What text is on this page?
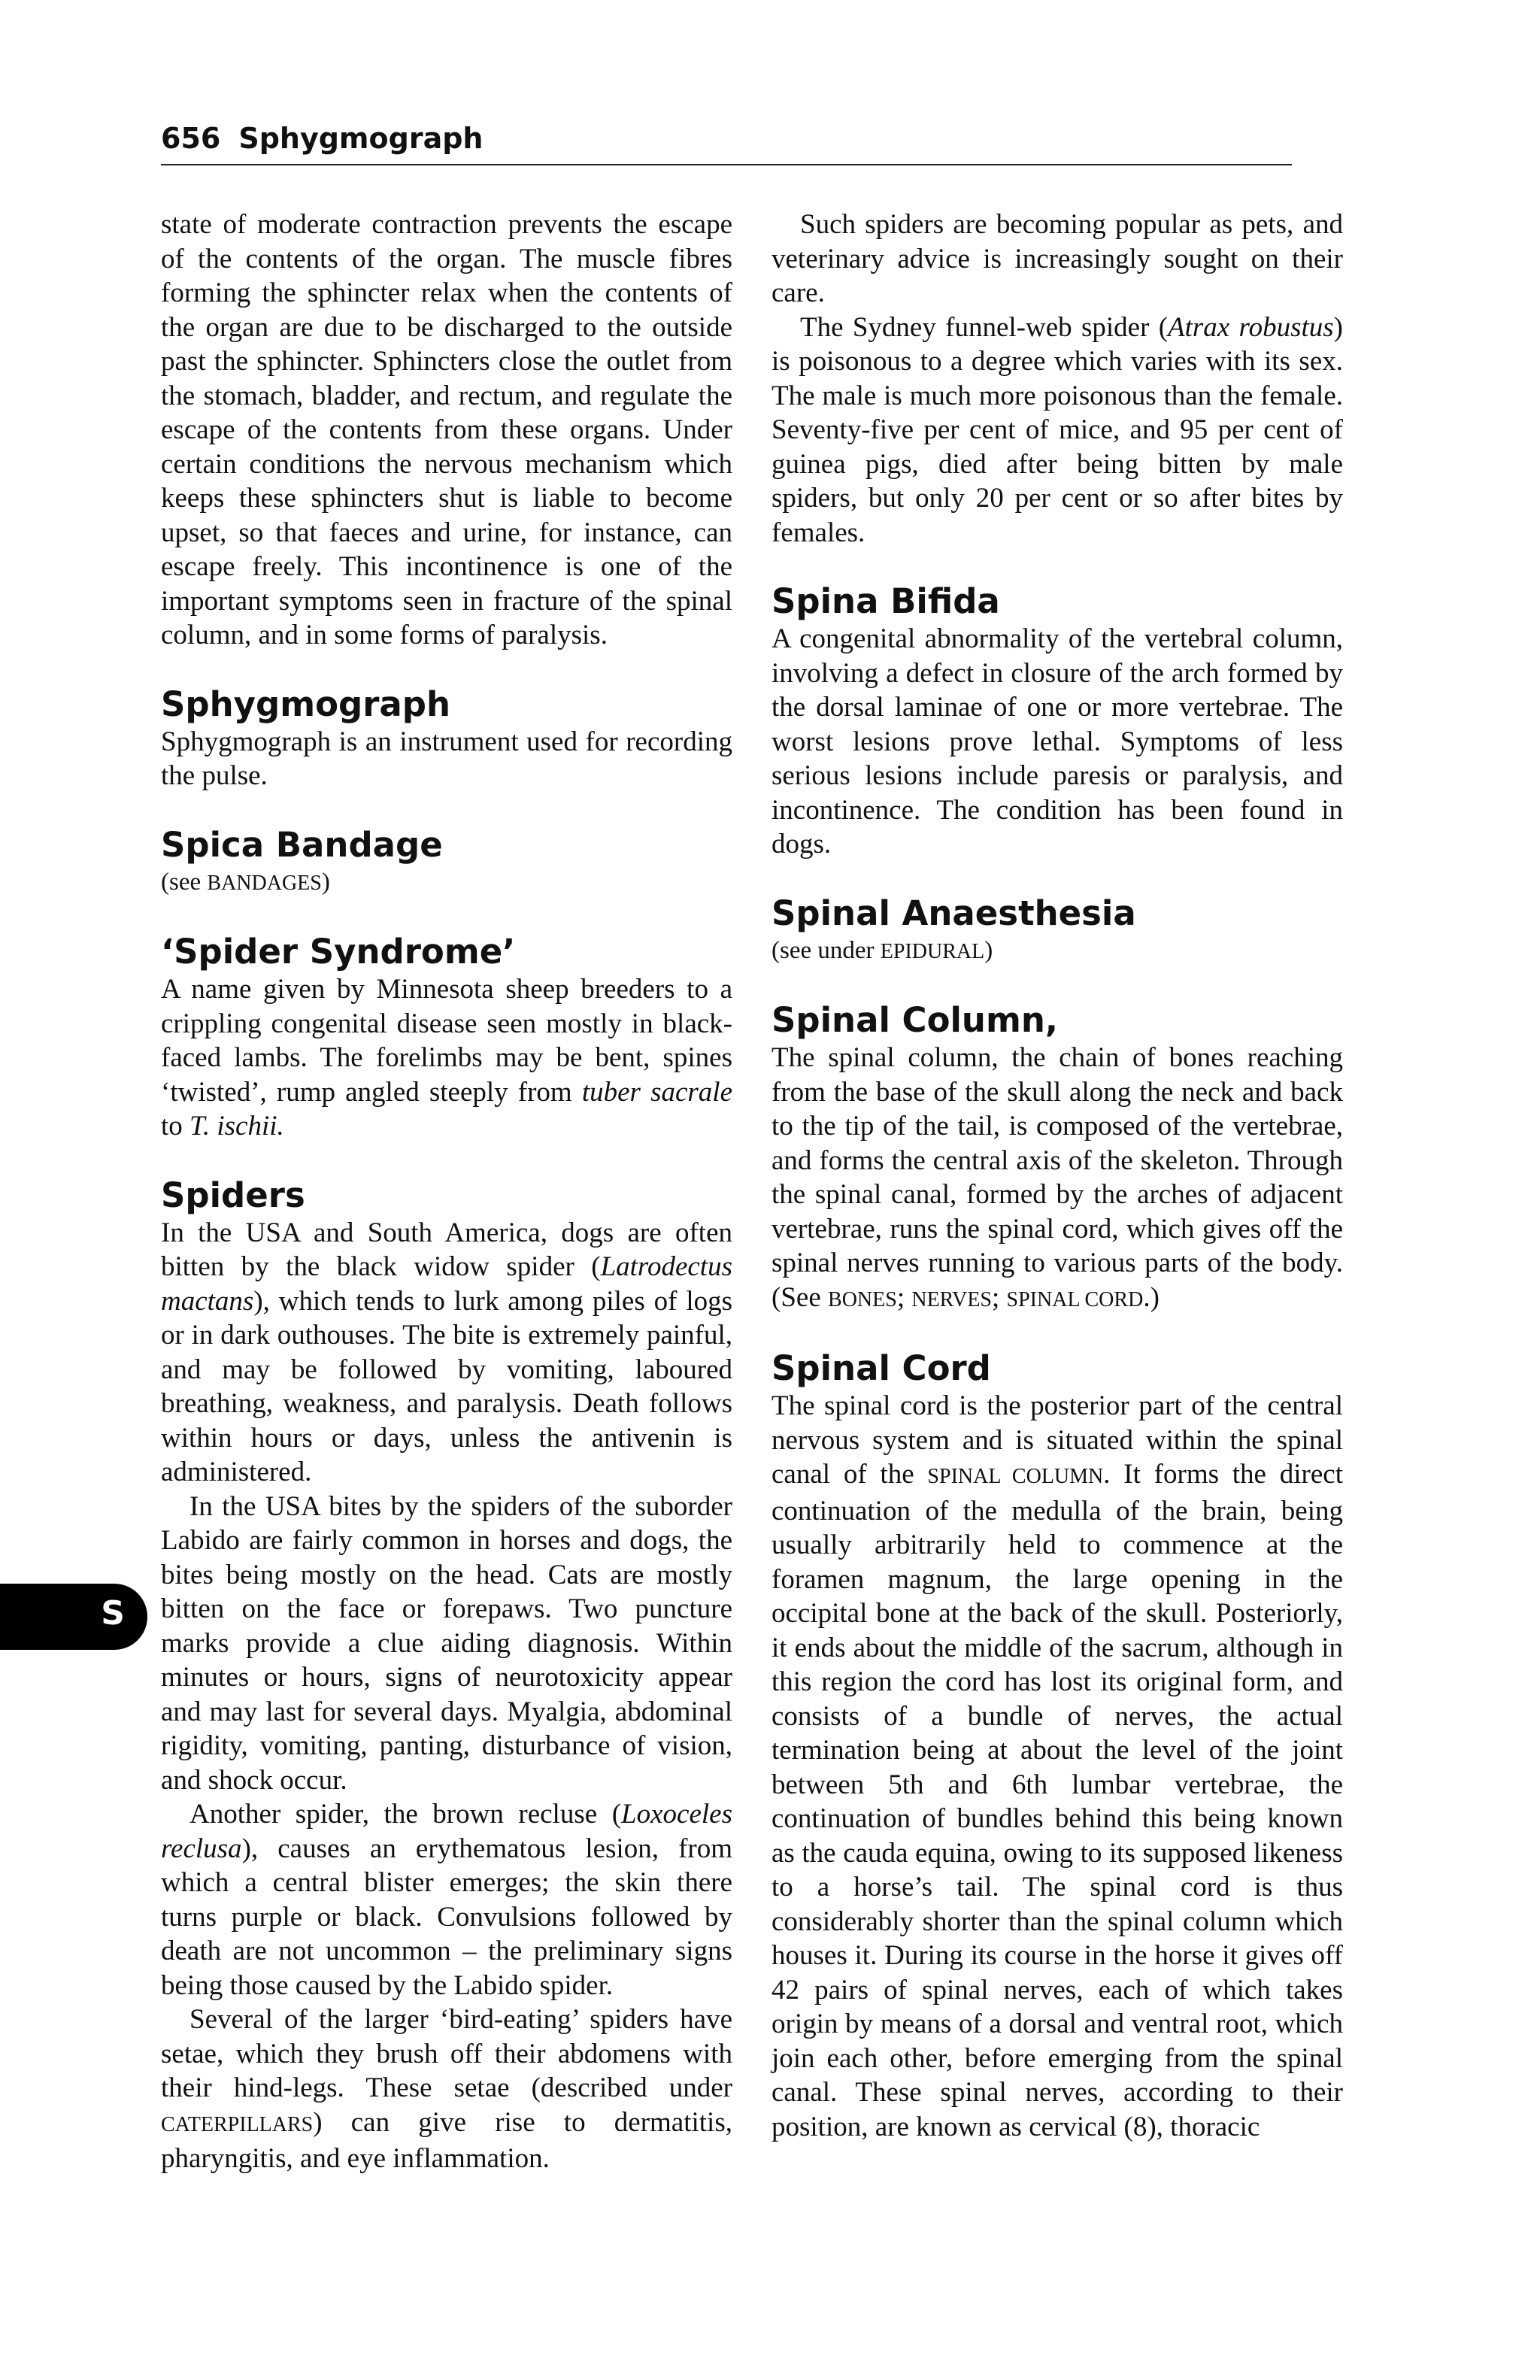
656 Sphygmograph

state of moderate contraction prevents the escape of the contents of the organ. The muscle fibres forming the sphincter relax when the contents of the organ are due to be discharged to the outside past the sphincter. Sphincters close the outlet from the stomach, bladder, and rectum, and regulate the escape of the contents from these organs. Under certain conditions the nervous mechanism which keeps these sphincters shut is liable to become upset, so that faeces and urine, for instance, can escape freely. This incontinence is one of the important symptoms seen in fracture of the spinal column, and in some forms of paralysis.

Sphygmograph

Sphygmograph is an instrument used for recording the pulse.

Spica Bandage

(see BANDAGES)

‘Spider Syndrome’

A name given by Minnesota sheep breeders to a crippling congenital disease seen mostly in black-faced lambs. The forelimbs may be bent, spines ‘twisted’, rump angled steeply from tuber sacrale to T. ischii.

Spiders

In the USA and South America, dogs are often bitten by the black widow spider (Latrodectus mactans), which tends to lurk among piles of logs or in dark outhouses. The bite is extremely painful, and may be followed by vomiting, laboured breathing, weakness, and paralysis. Death follows within hours or days, unless the antivenin is administered.

In the USA bites by the spiders of the suborder Labido are fairly common in horses and dogs, the bites being mostly on the head. Cats are mostly bitten on the face or forepaws. Two puncture marks provide a clue aiding diagnosis. Within minutes or hours, signs of neurotoxicity appear and may last for several days. Myalgia, abdominal rigidity, vomiting, panting, disturbance of vision, and shock occur.

Another spider, the brown recluse (Loxoceles reclusa), causes an erythematous lesion, from which a central blister emerges; the skin there turns purple or black. Convulsions followed by death are not uncommon – the preliminary signs being those caused by the Labido spider.

Several of the larger ‘bird-eating’ spiders have setae, which they brush off their abdomens with their hind-legs. These setae (described under CATERPILLARS) can give rise to dermatitis, pharyngitis, and eye inflammation.

Such spiders are becoming popular as pets, and veterinary advice is increasingly sought on their care.

The Sydney funnel-web spider (Atrax robustus) is poisonous to a degree which varies with its sex. The male is much more poisonous than the female. Seventy-five per cent of mice, and 95 per cent of guinea pigs, died after being bitten by male spiders, but only 20 per cent or so after bites by females.

Spina Bifida

A congenital abnormality of the vertebral column, involving a defect in closure of the arch formed by the dorsal laminae of one or more vertebrae. The worst lesions prove lethal. Symptoms of less serious lesions include paresis or paralysis, and incontinence. The condition has been found in dogs.

Spinal Anaesthesia

(see under EPIDURAL)

Spinal Column,

The spinal column, the chain of bones reaching from the base of the skull along the neck and back to the tip of the tail, is composed of the vertebrae, and forms the central axis of the skeleton. Through the spinal canal, formed by the arches of adjacent vertebrae, runs the spinal cord, which gives off the spinal nerves running to various parts of the body. (See BONES; NERVES; SPINAL CORD.)

Spinal Cord

The spinal cord is the posterior part of the central nervous system and is situated within the spinal canal of the SPINAL COLUMN. It forms the direct continuation of the medulla of the brain, being usually arbitrarily held to commence at the foramen magnum, the large opening in the occipital bone at the back of the skull. Posteriorly, it ends about the middle of the sacrum, although in this region the cord has lost its original form, and consists of a bundle of nerves, the actual termination being at about the level of the joint between 5th and 6th lumbar vertebrae, the continuation of bundles behind this being known as the cauda equina, owing to its supposed likeness to a horse’s tail. The spinal cord is thus considerably shorter than the spinal column which houses it. During its course in the horse it gives off 42 pairs of spinal nerves, each of which takes origin by means of a dorsal and ventral root, which join each other, before emerging from the spinal canal. These spinal nerves, according to their position, are known as cervical (8), thoracic

S
